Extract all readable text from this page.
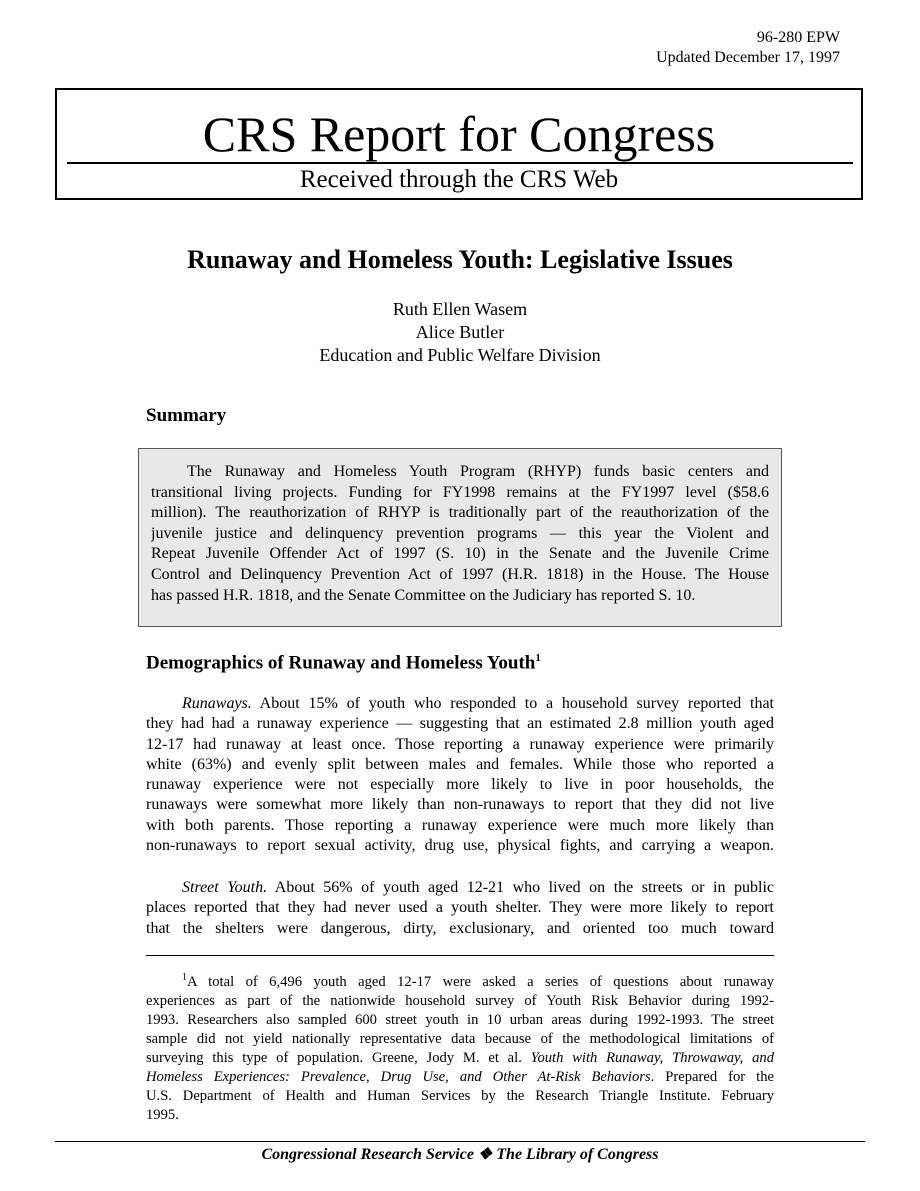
96-280 EPW
Updated December 17, 1997
CRS Report for Congress
Received through the CRS Web
Runaway and Homeless Youth: Legislative Issues
Ruth Ellen Wasem
Alice Butler
Education and Public Welfare Division
Summary
The Runaway and Homeless Youth Program (RHYP) funds basic centers and
transitional living projects. Funding for FY1998 remains at the FY1997 level ($58.6
million). The reauthorization of RHYP is traditionally part of the reauthorization of the
juvenile justice and delinquency prevention programs — this year the Violent and
Repeat Juvenile Offender Act of 1997 (S. 10) in the Senate and the Juvenile Crime
Control and Delinquency Prevention Act of 1997 (H.R. 1818) in the House. The House
has passed H.R. 1818, and the Senate Committee on the Judiciary has reported S. 10.
Demographics of Runaway and Homeless Youth$^1$
Runaways. About 15% of youth who responded to a household survey reported that
they had had a runaway experience — suggesting that an estimated 2.8 million youth aged
12-17 had runaway at least once. Those reporting a runaway experience were primarily
white (63%) and evenly split between males and females. While those who reported a
runaway experience were not especially more likely to live in poor households, the
runaways were somewhat more likely than non-runaways to report that they did not live
with both parents. Those reporting a runaway experience were much more likely than
non-runaways to report sexual activity, drug use, physical fights, and carrying a weapon.
Street Youth. About 56% of youth aged 12-21 who lived on the streets or in public
places reported that they had never used a youth shelter. They were more likely to report
that the shelters were dangerous, dirty, exclusionary, and oriented too much toward
$^1$A total of 6,496 youth aged 12-17 were asked a series of questions about runaway
experiences as part of the nationwide household survey of Youth Risk Behavior during 1992-
1993. Researchers also sampled 600 street youth in 10 urban areas during 1992-1993. The street
sample did not yield nationally representative data because of the methodological limitations of
surveying this type of population. Greene, Jody M. et al. Youth with Runaway, Throwaway, and
Homeless Experiences: Prevalence, Drug Use, and Other At-Risk Behaviors. Prepared for the
U.S. Department of Health and Human Services by the Research Triangle Institute. February
1995.
Congressional Research Service ❖ The Library of Congress
